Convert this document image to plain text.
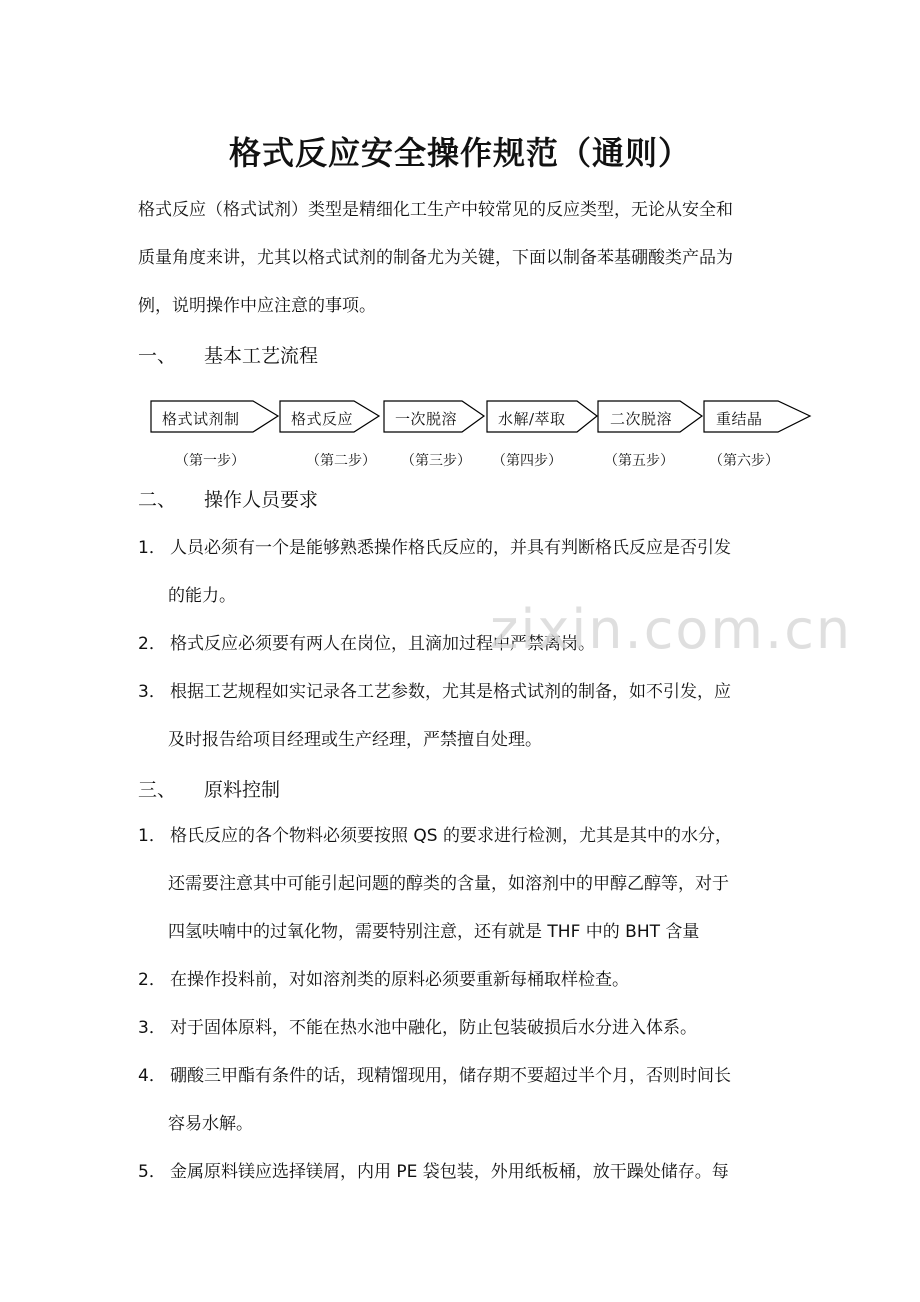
格式反应安全操作规范（通则）
格式反应（格式试剂）类型是精细化工生产中较常见的反应类型，无论从安全和
质量角度来讲，尤其以格式试剂的制备尤为关键，下面以制备苯基硼酸类产品为
例，说明操作中应注意的事项。
一、 基本工艺流程
格式试剂制	格式反应	一次脱溶	水解/萃取	二次脱溶	重结晶
（第一步）	（第二步） （第三步） （第四步）	（第五步）	（第六步）
二、 操作人员要求
1． 人员必须有一个是能够熟悉操作格氏反应的，并具有判断格氏反应是否引发
的能力。
2． 格式反应必须要有两人在岗位，且滴加过程中严禁离岗。
3． 根据工艺规程如实记录各工艺参数，尤其是格式试剂的制备，如不引发，应
及时报告给项目经理或生产经理，严禁擅自处理。
三、 原料控制
1． 格氏反应的各个物料必须要按照 QS 的要求进行检测，尤其是其中的水分，
还需要注意其中可能引起问题的醇类的含量，如溶剂中的甲醇乙醇等，对于
四氢呋喃中的过氧化物，需要特别注意，还有就是 THF 中的 BHT 含量
2． 在操作投料前，对如溶剂类的原料必须要重新每桶取样检查。
3． 对于固体原料，不能在热水池中融化，防止包装破损后水分进入体系。
4． 硼酸三甲酯有条件的话，现精馏现用，储存期不要超过半个月，否则时间长
容易水解。
5． 金属原料镁应选择镁屑，内用 PE 袋包装，外用纸板桶，放干躁处储存。每
zixin.com.cn
